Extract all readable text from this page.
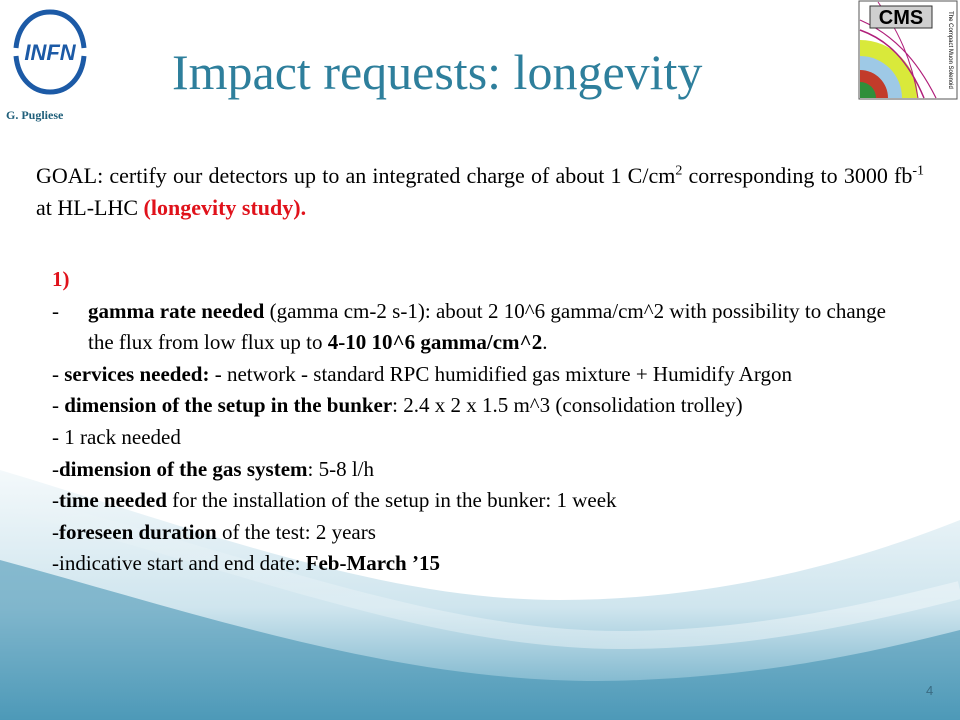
INFN
G. Pugliese
Impact requests: longevity
CMS	The Compact Muon Solenoid

GOAL: certify our detectors up to an integrated charge of about 1 $C/cm^2$ corresponding to 3000 $fb^{-1}$ at HL-LHC (longevity study).

1)
-	gamma rate needed (gamma cm-2 s-1): about 2 10^6 gamma/cm^2 with possibility to change the flux from low flux up to 4-10 10^6 gamma/cm^2.
- services needed: - network - standard RPC humidified gas mixture + Humidify Argon
- dimension of the setup in the bunker: 2.4 x 2 x 1.5 m^3 (consolidation trolley)
- 1 rack needed
-dimension of the gas system: 5-8 l/h
-time needed for the installation of the setup in the bunker: 1 week
-foreseen duration of the test: 2 years
-indicative start and end date: Feb-March ’15
4
